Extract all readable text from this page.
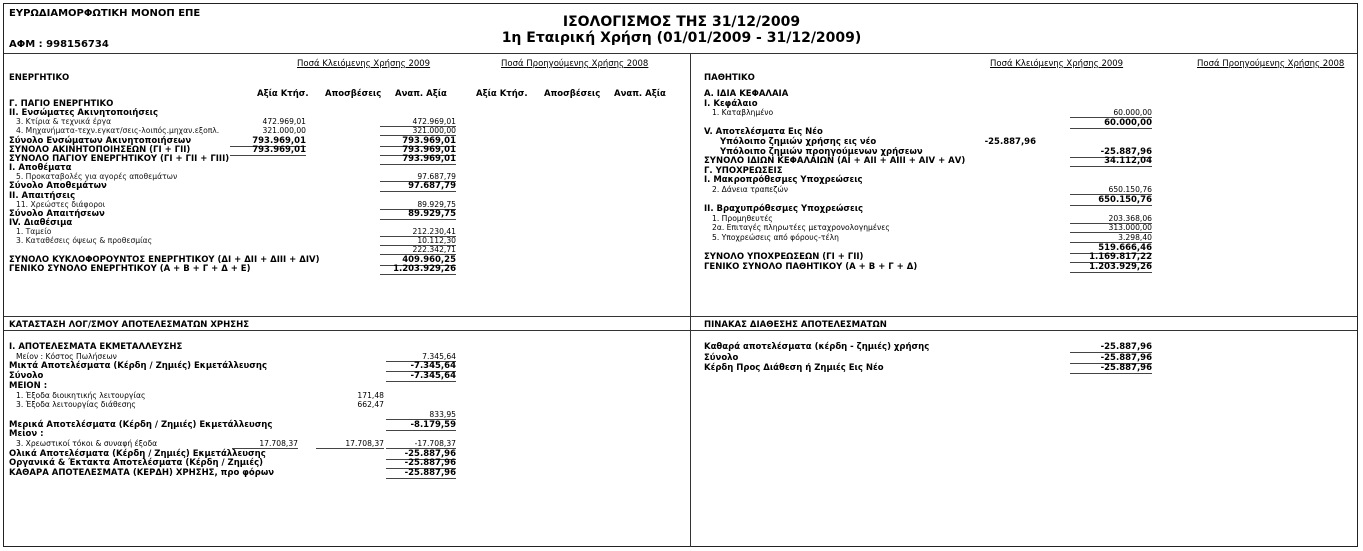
ΕΥΡΩΔΙΑΜΟΡΦΩΤΙΚΗ ΜΟΝΟΠ ΕΠΕ
ΑΦΜ : 998156734
ΙΣΟΛΟΓΙΣΜΟΣ ΤΗΣ 31/12/2009
1η Εταιρική Χρήση (01/01/2009 - 31/12/2009)
Ποσά Κλειόμενης Χρήσης 2009	Ποσά Προηγούμενης Χρήσης 2008
ΕΝΕΡΓΗΤΙΚΟ
Αξία Κτήσ. Αποσβέσεις Αναπ. Αξία	Αξία Κτήσ. Αποσβέσεις Αναπ. Αξία
Γ. ΠΑΓΙΟ ΕΝΕΡΓΗΤΙΚΟ
ΙΙ. Ενσώματες Ακινητοποιήσεις
3. Κτίρια & τεχνικά έργα	472.969,01	472.969,01
4. Μηχανήματα-τεχν.εγκατ/σεις-λοιπός.μηχαν.εξοπλ.	321.000,00	321.000,00
Σύνολο Ενσώματων Ακινητοποιήσεων	793.969,01	793.969,01
ΣΥΝΟΛΟ ΑΚΙΝΗΤΟΠΟΙΗΣΕΩΝ (ΓΙ + ΓΙΙ)	793.969,01	793.969,01
ΣΥΝΟΛΟ ΠΑΓΙΟΥ ΕΝΕΡΓΗΤΙΚΟΥ (ΓΙ + ΓΙΙ + ΓΙΙΙ)	793.969,01
Ι. Αποθέματα
5. Προκαταβολές για αγορές αποθεμάτων	97.687,79
Σύνολο Αποθεμάτων	97.687,79
ΙΙ. Απαιτήσεις
11. Χρεώστες διάφοροι	89.929,75
Σύνολο Απαιτήσεων	89.929,75
IV. Διαθέσιμα
1. Ταμείο	212.230,41
3. Καταθέσεις όψεως & προθεσμίας	10.112,30
222.342,71
ΣΥΝΟΛΟ ΚΥΚΛΟΦΟΡΟΥΝΤΟΣ ΕΝΕΡΓΗΤΙΚΟΥ (ΔΙ + ΔΙΙ + ΔΙΙΙ + ΔΙV)	409.960,25
ΓΕΝΙΚΟ ΣΥΝΟΛΟ ΕΝΕΡΓΗΤΙΚΟΥ (Α + Β + Γ + Δ + Ε)	1.203.929,26
Ποσά Κλειόμενης Χρήσης 2009	Ποσά Προηγούμενης Χρήσης 2008
ΠΑΘΗΤΙΚΟ
Α. ΙΔΙΑ ΚΕΦΑΛΑΙΑ
Ι. Κεφάλαιο
1. Καταβλημένο	60.000,00
60.000,00
V. Αποτελέσματα Εις Νέο
Υπόλοιπο ζημιών χρήσης εις νέο	-25.887,96
Υπόλοιπο ζημιών προηγούμενων χρήσεων	-25.887,96
ΣΥΝΟΛΟ ΙΔΙΩΝ ΚΕΦΑΛΑΙΩΝ (ΑΙ + ΑΙΙ + ΑΙΙΙ + ΑΙV + ΑV)	34.112,04
Γ. ΥΠΟΧΡΕΩΣΕΙΣ
Ι. Μακροπρόθεσμες Υποχρεώσεις
2. Δάνεια τραπεζών	650.150,76
650.150,76
ΙΙ. Βραχυπρόθεσμες Υποχρεώσεις
1. Προμηθευτές	203.368,06
2α. Επιταγές πληρωτέες μεταχρονολογημένες	313.000,00
5. Υποχρεώσεις από φόρους-τέλη	3.298,40
519.666,46
ΣΥΝΟΛΟ ΥΠΟΧΡΕΩΣΕΩΝ (ΓΙ + ΓΙΙ)	1.169.817,22
ΓΕΝΙΚΟ ΣΥΝΟΛΟ ΠΑΘΗΤΙΚΟΥ (Α + Β + Γ + Δ)	1.203.929,26
ΚΑΤΑΣΤΑΣΗ ΛΟΓ/ΣΜΟΥ ΑΠΟΤΕΛΕΣΜΑΤΩΝ ΧΡΗΣΗΣ
Ι. ΑΠΟΤΕΛΕΣΜΑΤΑ ΕΚΜΕΤΑΛΛΕΥΣΗΣ
Μείον : Κόστος Πωλήσεων	7.345,64
Μικτά Αποτελέσματα (Κέρδη / Ζημιές) Εκμετάλλευσης	-7.345,64
Σύνολο	-7.345,64
ΜΕΙΟΝ :
1. Έξοδα διοικητικής λειτουργίας	171,48
3. Έξοδα λειτουργίας διάθεσης	662,47
833,95
Μερικά Αποτελέσματα (Κέρδη / Ζημιές) Εκμετάλλευσης	-8.179,59
Μείον :
3. Χρεωστικοί τόκοι & συναφή έξοδα	17.708,37	17.708,37	-17.708,37
Ολικά Αποτελέσματα (Κέρδη / Ζημιές) Εκμετάλλευσης	-25.887,96
Οργανικά & Έκτακτα Αποτελέσματα (Κέρδη / Ζημιές)	-25.887,96
ΚΑΘΑΡΑ ΑΠΟΤΕΛΕΣΜΑΤΑ (ΚΕΡΔΗ) ΧΡΗΣΗΣ, προ φόρων	-25.887,96
ΠΙΝΑΚΑΣ ΔΙΑΘΕΣΗΣ ΑΠΟΤΕΛΕΣΜΑΤΩΝ
Καθαρά αποτελέσματα (κέρδη - ζημιές) χρήσης	-25.887,96
Σύνολο	-25.887,96
Κέρδη Προς Διάθεση ή Ζημιές Εις Νέο	-25.887,96
